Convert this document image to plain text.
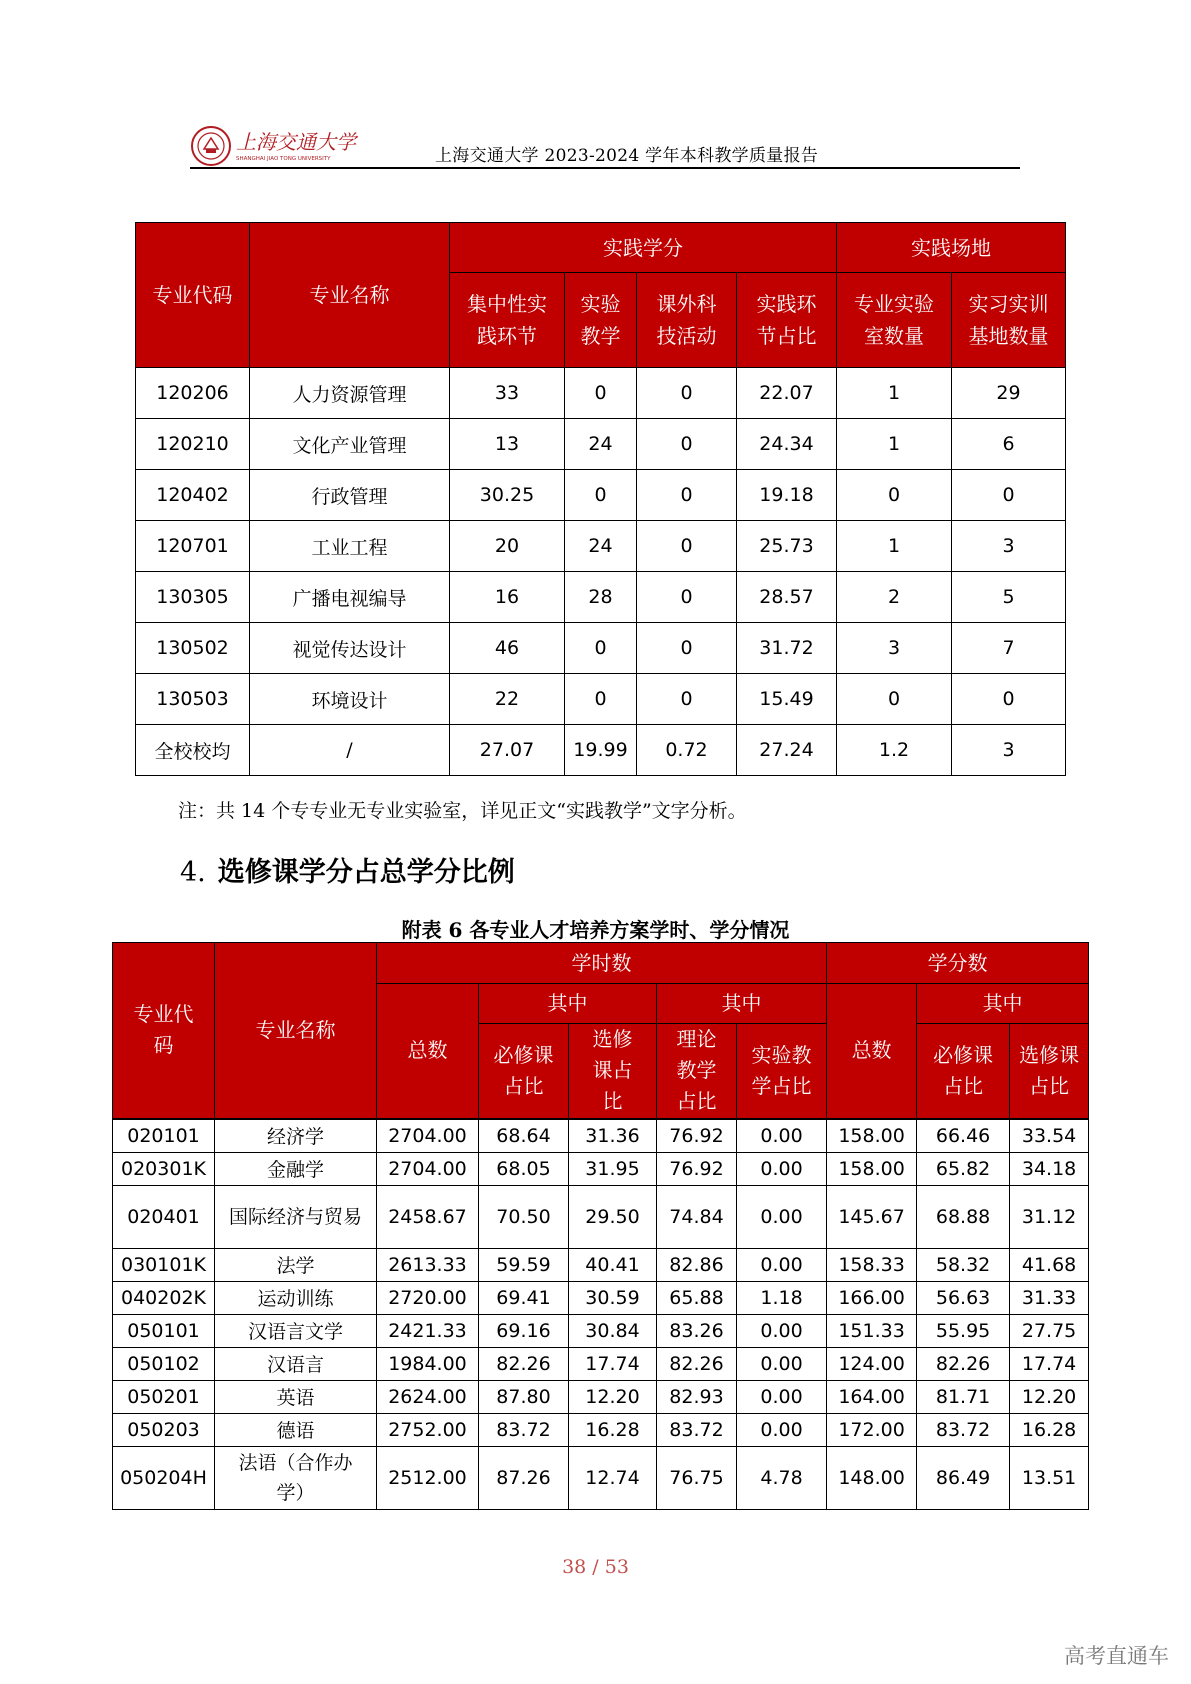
上海交通大学
SHANGHAI JIAO TONG UNIVERSITY	上海交通大学 2023-2024 学年本科教学质量报告
专业代码	专业名称	实践学分				实践场地	
		集中性实践环节	实验教学	课外科技活动	实践环节占比	专业实验室数量	实习实训基地数量
120206	人力资源管理	33	0	0	22.07	1	29
120210	文化产业管理	13	24	0	24.34	1	6
120402	行政管理	30.25	0	0	19.18	0	0
120701	工业工程	20	24	0	25.73	1	3
130305	广播电视编导	16	28	0	28.57	2	5
130502	视觉传达设计	46	0	0	31.72	3	7
130503	环境设计	22	0	0	15.49	0	0
全校校均	/	27.07	19.99	0.72	27.24	1.2	3
注：共 14 个专专业无专业实验室，详见正文“实践教学”文字分析。
4. 选修课学分占总学分比例
附表 6 各专业人才培养方案学时、学分情况
专业代码	专业名称	学时数					学分数		
		总数	其中		其中		总数	其中	
			必修课占比	选修课占比	理论教学占比	实验教学占比		必修课占比	选修课占比
020101	经济学	2704.00	68.64	31.36	76.92	0.00	158.00	66.46	33.54
020301K	金融学	2704.00	68.05	31.95	76.92	0.00	158.00	65.82	34.18
020401	国际经济与贸易	2458.67	70.50	29.50	74.84	0.00	145.67	68.88	31.12
030101K	法学	2613.33	59.59	40.41	82.86	0.00	158.33	58.32	41.68
040202K	运动训练	2720.00	69.41	30.59	65.88	1.18	166.00	56.63	31.33
050101	汉语言文学	2421.33	69.16	30.84	83.26	0.00	151.33	55.95	27.75
050102	汉语言	1984.00	82.26	17.74	82.26	0.00	124.00	82.26	17.74
050201	英语	2624.00	87.80	12.20	82.93	0.00	164.00	81.71	12.20
050203	德语	2752.00	83.72	16.28	83.72	0.00	172.00	83.72	16.28
050204H	法语（合作办学）	2512.00	87.26	12.74	76.75	4.78	148.00	86.49	13.51
38 / 53
高考直通车
